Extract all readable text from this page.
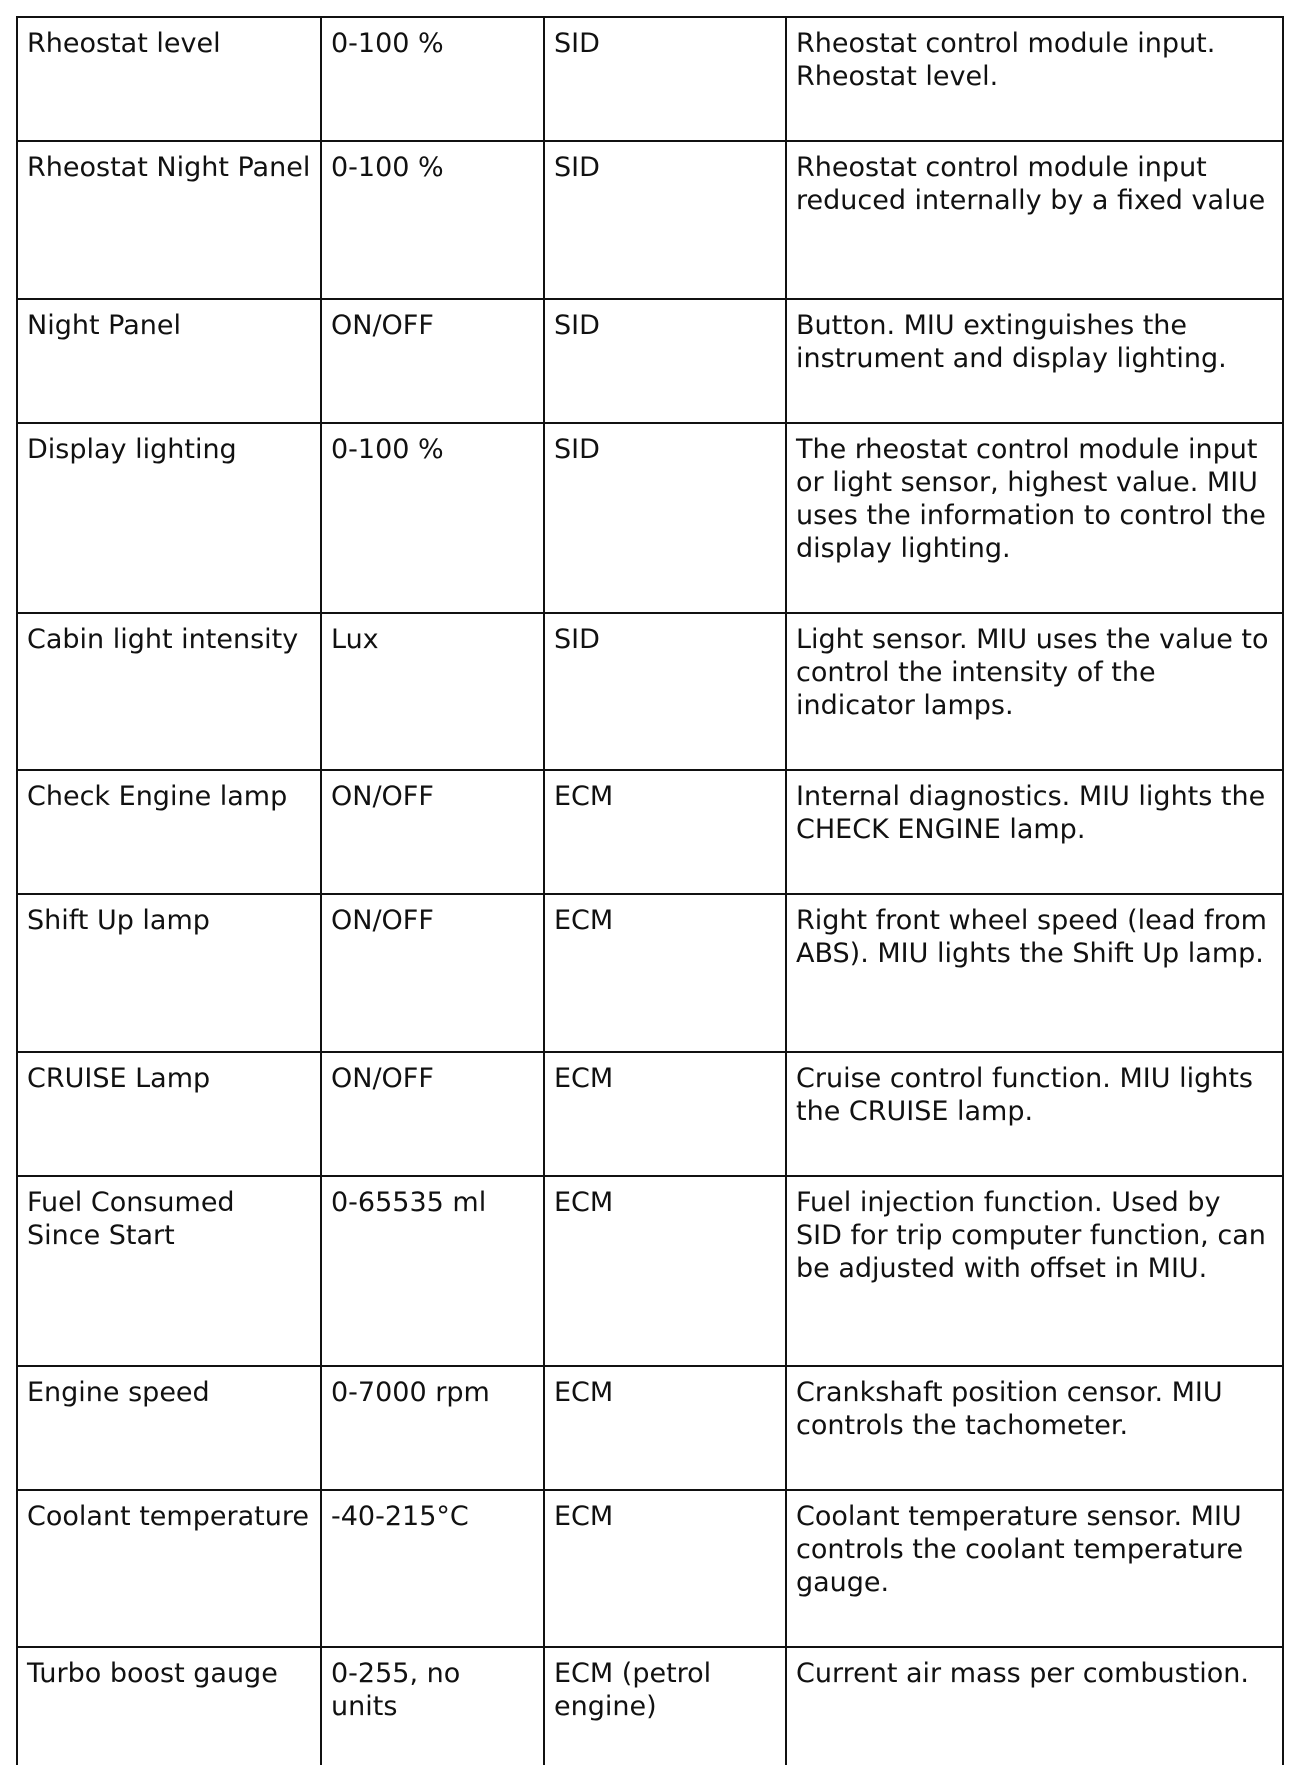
Rheostat level	0-100 %	SID	Rheostat control module input. Rheostat level.
Rheostat Night Panel	0-100 %	SID	Rheostat control module input reduced internally by a fixed value
Night Panel	ON/OFF	SID	Button. MIU extinguishes the instrument and display lighting.
Display lighting	0-100 %	SID	The rheostat control module input or light sensor, highest value. MIU uses the information to control the display lighting.
Cabin light intensity	Lux	SID	Light sensor. MIU uses the value to control the intensity of the indicator lamps.
Check Engine lamp	ON/OFF	ECM	Internal diagnostics. MIU lights the CHECK ENGINE lamp.
Shift Up lamp	ON/OFF	ECM	Right front wheel speed (lead from ABS). MIU lights the Shift Up lamp.
CRUISE Lamp	ON/OFF	ECM	Cruise control function. MIU lights the CRUISE lamp.
Fuel Consumed Since Start	0-65535 ml	ECM	Fuel injection function. Used by SID for trip computer function, can be adjusted with offset in MIU.
Engine speed	0-7000 rpm	ECM	Crankshaft position censor. MIU controls the tachometer.
Coolant temperature	-40-215°C	ECM	Coolant temperature sensor. MIU controls the coolant temperature gauge.
Turbo boost gauge	0-255, no units	ECM (petrol engine)	Current air mass per combustion.
